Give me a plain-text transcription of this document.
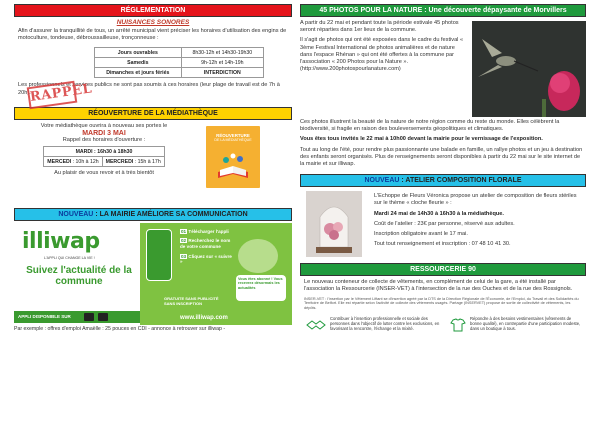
RÉGLEMENTATION
NUISANCES SONORES
Afin d'assurer la tranquillité de tous, un arrêté municipal vient préciser les horaires d'utilisation des engins de motoculture, tondeuse, débroussailleuse, tronçonneuse :
Jours ouvrables	8h30-12h et 14h30-19h30
Samedis	9h-12h et 14h-19h
Dimanches et jours fériés	INTERDICTION
Les professionnels et services publics ne sont pas soumis à ces horaires (leur plage de travail est de 7h à 20h).
RÉOUVERTURE DE LA MÉDIATHÈQUE
Votre médiathèque ouvrira à nouveau ses portes le
MARDI 3 MAI
Rappel des horaires d'ouverture :
MARDI : 16h30 à 18h30
MERCEDI : 10h à 12h	MERCREDI : 15h à 17h
Au plaisir de vous revoir et à très bientôt
RÉOUVERTURE
DE LA MÉDIATHÈQUE
NOUVEAU : LA MAIRIE AMÉLIORE SA COMMUNICATION
illiwap
L'APPLI QUI CHANGE LA VIE !
Suivez l'actualité de la commune
APPLI DISPONIBLE SUR
01 Télécharger l'appli
02 Recherchez le nom de votre commune
03 Cliquez sur « suivre »
Vous êtes abonné ! Vous recevrez désormais les actualités
GRATUITE SANS PUBLICITÉ SANS INSCRIPTION
www.illiwap.com
Par exemple : offres d'emploi Amaëlle : 25 pouces en CDI - annonce à retrouver sur illiwap -
RAPPEL
45 PHOTOS POUR LA NATURE : Une découverte dépaysante de Morvillers
A partir du 22 mai et pendant toute la période estivale 45 photos seront réparties dans 1er lieux de la commune.
Il s'agit de photos qui ont été exposées dans le cadre du festival « 3ème Festival International de photos animalières et de nature dans l'espace Rhénan » qui ont été offertes à la commune par l'association « 200 Photos pour la Nature ». (http://www.200photospourlanature.com)
Ces photos illustrent la beauté de la nature de notre région comme du reste du monde. Elles célèbrent la biodiversité, si fragile en raison des bouleversements géopolitiques et climatiques.
Vous êtes tous invités le 22 mai à 10h00 devant la mairie pour le vernissage de l'exposition.
Tout au long de l'été, pour rendre plus passionnante une balade en famille, un rallye photos et un jeu à destination des enfants seront organisés. Plus de renseignements seront disponibles à partir du 22 mai sur le site internet de la mairie et sur illiwap.
NOUVEAU : ATELIER COMPOSITION FLORALE
L'Echoppe de Fleurs Véronica propose un atelier de composition de fleurs stériles sur le thème « cloche fleurie » :
Mardi 24 mai de 14h30 à 16h30 à la médiathèque.
Coût de l'atelier : 23€ par personne, réservé aux adultes.
Inscription obligatoire avant le 17 mai.
Tout tout renseignement et inscription : 07 48 10 41 30.
RESSOURCERIE 90
Le nouveau conteneur de collecte de vêtements, en complément de celui de la gare, a été installé par l'association la Ressourcerie (INSER-VET) à l'intersection de la rue des Ouches et de la rue des Rossignols.
INSER-VET : l'insertion par le Vêtement Liftant se d'insertion agréé par la DTS de la Direction Régionale de l'Économie, de l'Emploi, du Travail et des Solidarités du Territoire de Belfort. Elle est répartie selon l'activité de collecte des vêtements usagés. Partage (INSERVET) propose de sortie de collectivité de vêtements, les dépôts.
Contribuer à l'insertion professionnelle et sociale des personnes dans l'objectif de lutter contre les exclusions, en favorisant la rencontre, l'échange et la mixité.
Répondre à des besoins vestimentaires (vêtements de bonne qualité), en contrepartie d'une participation modeste, dans un boutique à tous.
